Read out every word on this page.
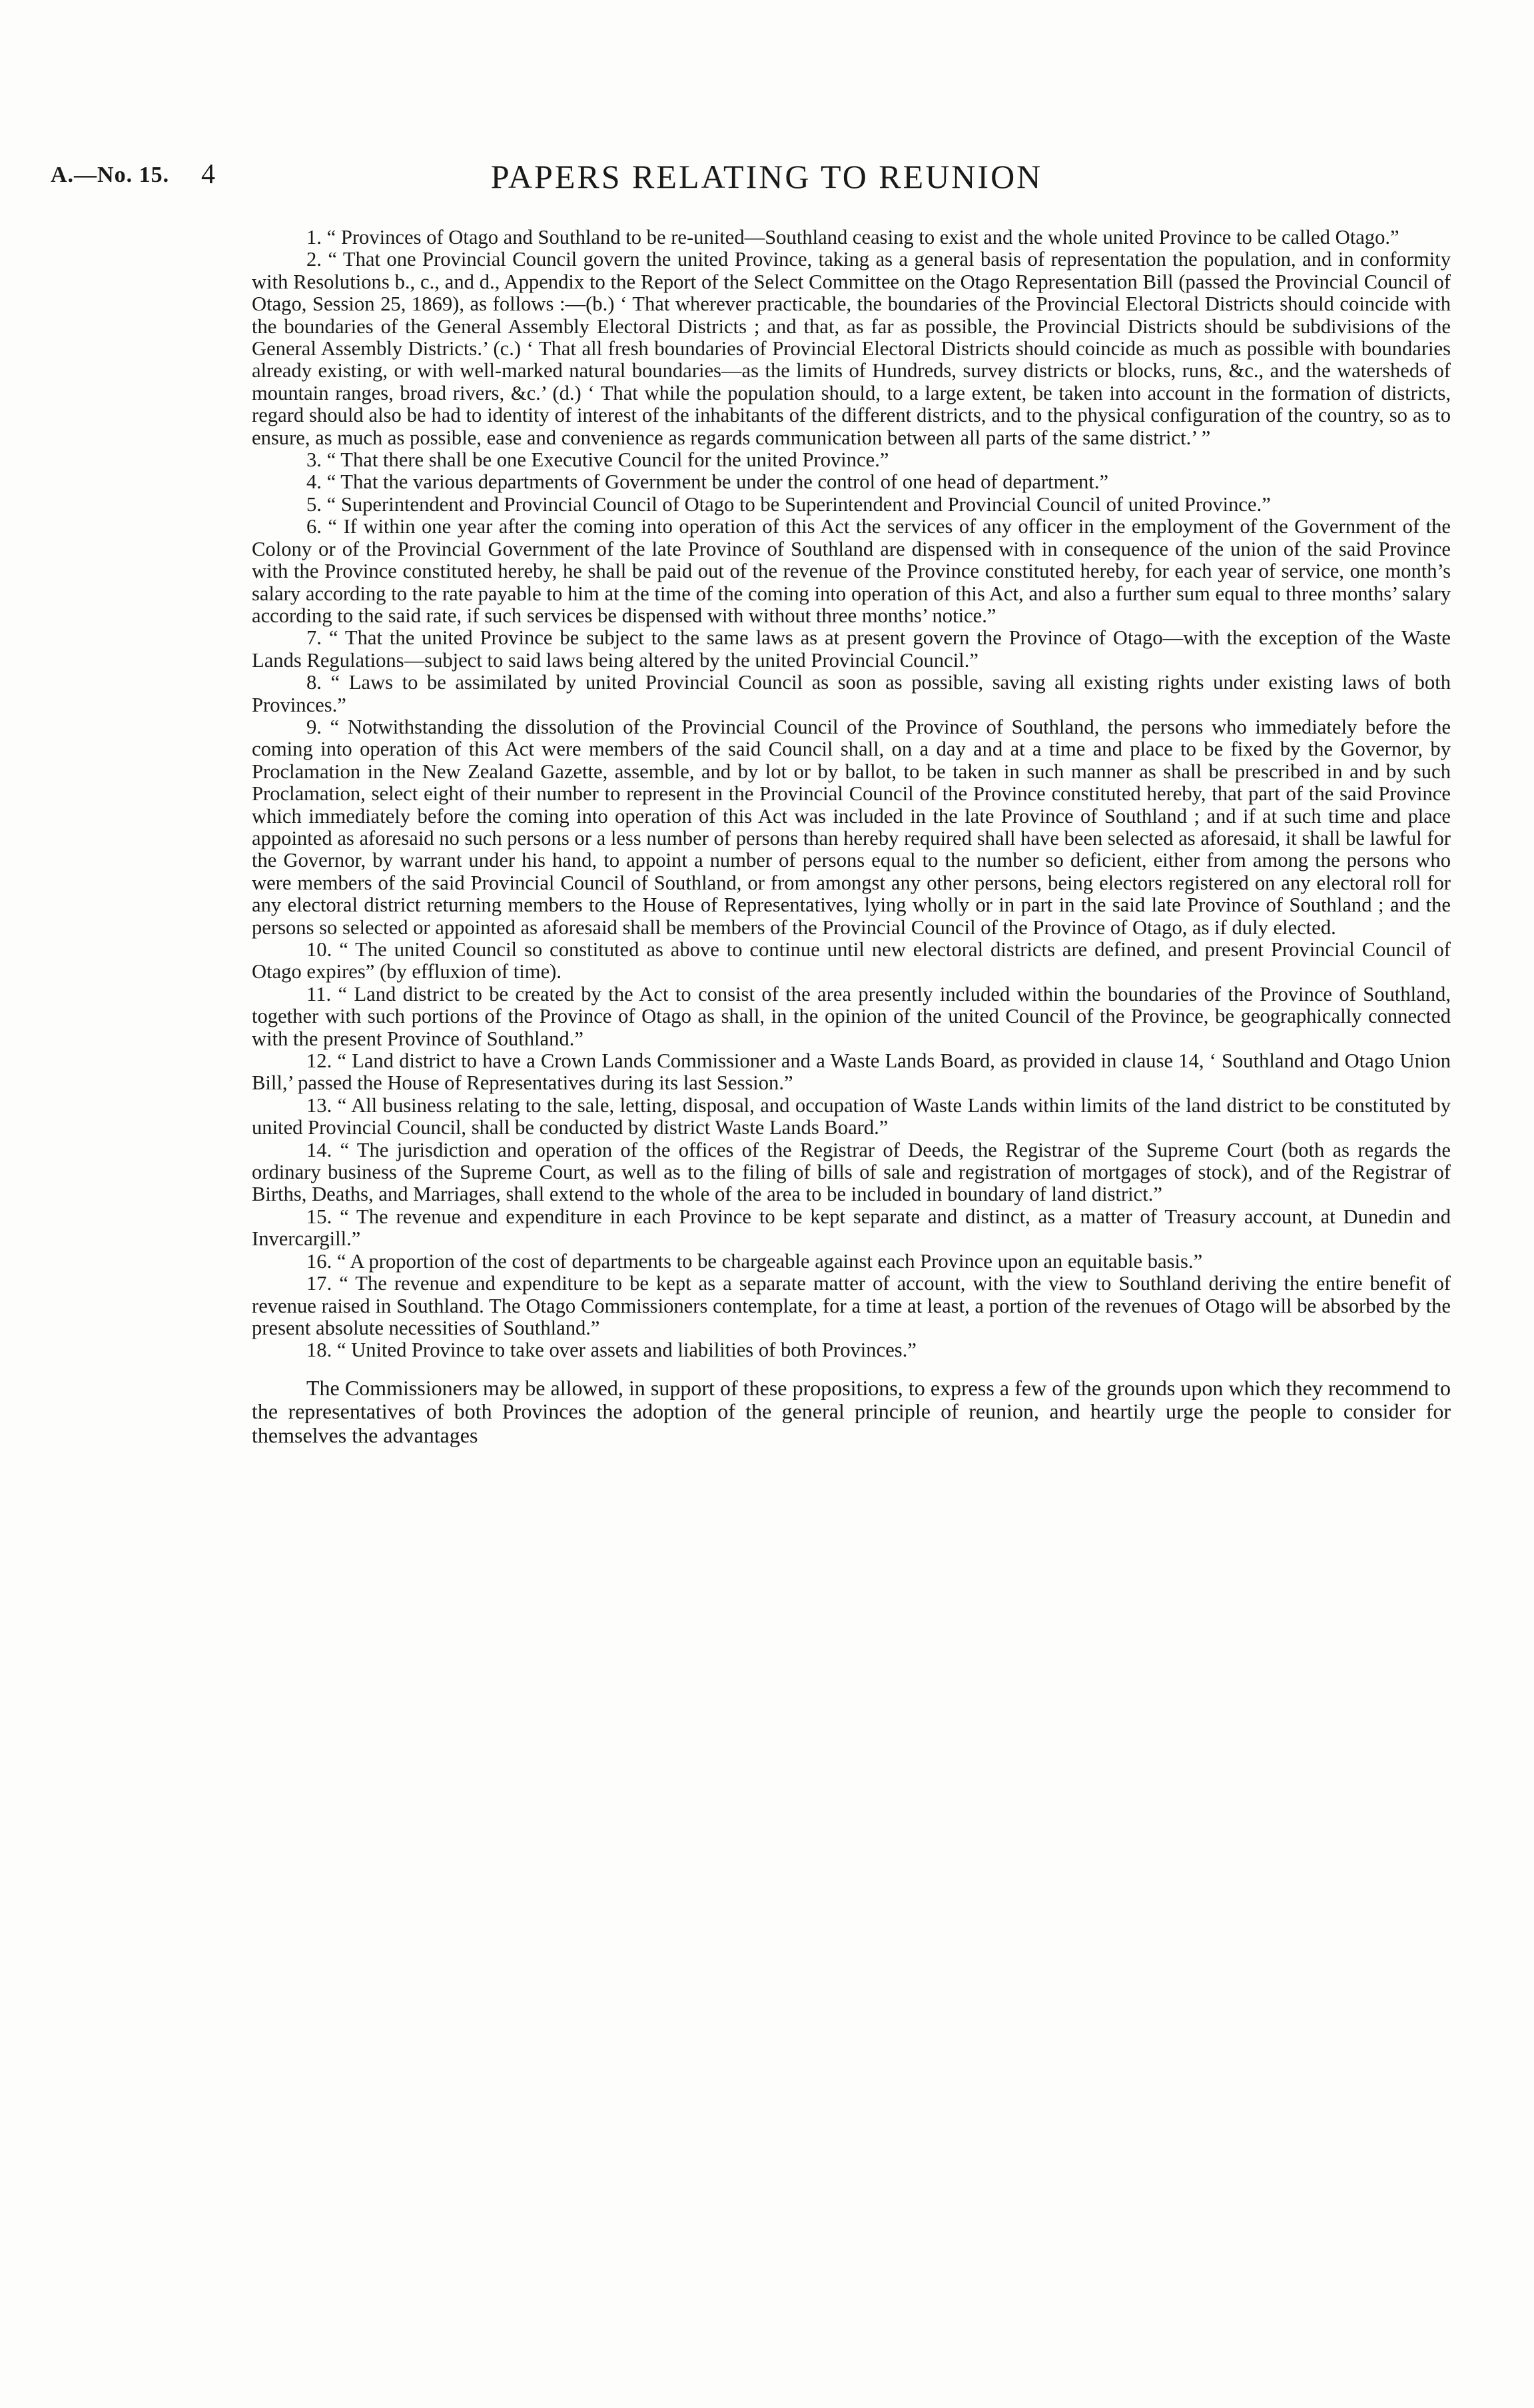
A.—No. 15. 4	PAPERS RELATING TO REUNION

1. “ Provinces of Otago and Southland to be re-united—Southland ceasing to exist and the whole united Province to be called Otago.”

2. “ That one Provincial Council govern the united Province, taking as a general basis of representation the population, and in conformity with Resolutions b., c., and d., Appendix to the Report of the Select Committee on the Otago Representation Bill (passed the Provincial Council of Otago, Session 25, 1869), as follows :—(b.) ‘ That wherever practicable, the boundaries of the Provincial Electoral Districts should coincide with the boundaries of the General Assembly Electoral Districts ; and that, as far as possible, the Provincial Districts should be subdivisions of the General Assembly Districts.’ (c.) ‘ That all fresh boundaries of Provincial Electoral Districts should coincide as much as possible with boundaries already existing, or with well-marked natural boundaries—as the limits of Hundreds, survey districts or blocks, runs, &c., and the watersheds of mountain ranges, broad rivers, &c.’ (d.) ‘ That while the population should, to a large extent, be taken into account in the formation of districts, regard should also be had to identity of interest of the inhabitants of the different districts, and to the physical configuration of the country, so as to ensure, as much as possible, ease and convenience as regards communication between all parts of the same district.’ ”

3. “ That there shall be one Executive Council for the united Province.”

4. “ That the various departments of Government be under the control of one head of department.”

5. “ Superintendent and Provincial Council of Otago to be Superintendent and Provincial Council of united Province.”

6. “ If within one year after the coming into operation of this Act the services of any officer in the employment of the Government of the Colony or of the Provincial Government of the late Province of Southland are dispensed with in consequence of the union of the said Province with the Province constituted hereby, he shall be paid out of the revenue of the Province constituted hereby, for each year of service, one month’s salary according to the rate payable to him at the time of the coming into operation of this Act, and also a further sum equal to three months’ salary according to the said rate, if such services be dispensed with without three months’ notice.”

7. “ That the united Province be subject to the same laws as at present govern the Province of Otago—with the exception of the Waste Lands Regulations—subject to said laws being altered by the united Provincial Council.”

8. “ Laws to be assimilated by united Provincial Council as soon as possible, saving all existing rights under existing laws of both Provinces.”

9. “ Notwithstanding the dissolution of the Provincial Council of the Province of Southland, the persons who immediately before the coming into operation of this Act were members of the said Council shall, on a day and at a time and place to be fixed by the Governor, by Proclamation in the New Zealand Gazette, assemble, and by lot or by ballot, to be taken in such manner as shall be prescribed in and by such Proclamation, select eight of their number to represent in the Provincial Council of the Province constituted hereby, that part of the said Province which immediately before the coming into operation of this Act was included in the late Province of Southland ; and if at such time and place appointed as aforesaid no such persons or a less number of persons than hereby required shall have been selected as aforesaid, it shall be lawful for the Governor, by warrant under his hand, to appoint a number of persons equal to the number so deficient, either from among the persons who were members of the said Provincial Council of Southland, or from amongst any other persons, being electors registered on any electoral roll for any electoral district returning members to the House of Representatives, lying wholly or in part in the said late Province of Southland ; and the persons so selected or appointed as aforesaid shall be members of the Provincial Council of the Province of Otago, as if duly elected.

10. “ The united Council so constituted as above to continue until new electoral districts are defined, and present Provincial Council of Otago expires” (by effluxion of time).

11. “ Land district to be created by the Act to consist of the area presently included within the boundaries of the Province of Southland, together with such portions of the Province of Otago as shall, in the opinion of the united Council of the Province, be geographically connected with the present Province of Southland.”

12. “ Land district to have a Crown Lands Commissioner and a Waste Lands Board, as provided in clause 14, ‘ Southland and Otago Union Bill,’ passed the House of Representatives during its last Session.”

13. “ All business relating to the sale, letting, disposal, and occupation of Waste Lands within limits of the land district to be constituted by united Provincial Council, shall be conducted by district Waste Lands Board.”

14. “ The jurisdiction and operation of the offices of the Registrar of Deeds, the Registrar of the Supreme Court (both as regards the ordinary business of the Supreme Court, as well as to the filing of bills of sale and registration of mortgages of stock), and of the Registrar of Births, Deaths, and Marriages, shall extend to the whole of the area to be included in boundary of land district.”

15. “ The revenue and expenditure in each Province to be kept separate and distinct, as a matter of Treasury account, at Dunedin and Invercargill.”

16. “ A proportion of the cost of departments to be chargeable against each Province upon an equitable basis.”

17. “ The revenue and expenditure to be kept as a separate matter of account, with the view to Southland deriving the entire benefit of revenue raised in Southland. The Otago Commissioners contemplate, for a time at least, a portion of the revenues of Otago will be absorbed by the present absolute necessities of Southland.”

18. “ United Province to take over assets and liabilities of both Provinces.”

The Commissioners may be allowed, in support of these propositions, to express a few of the grounds upon which they recommend to the representatives of both Provinces the adoption of the general principle of reunion, and heartily urge the people to consider for themselves the advantages
